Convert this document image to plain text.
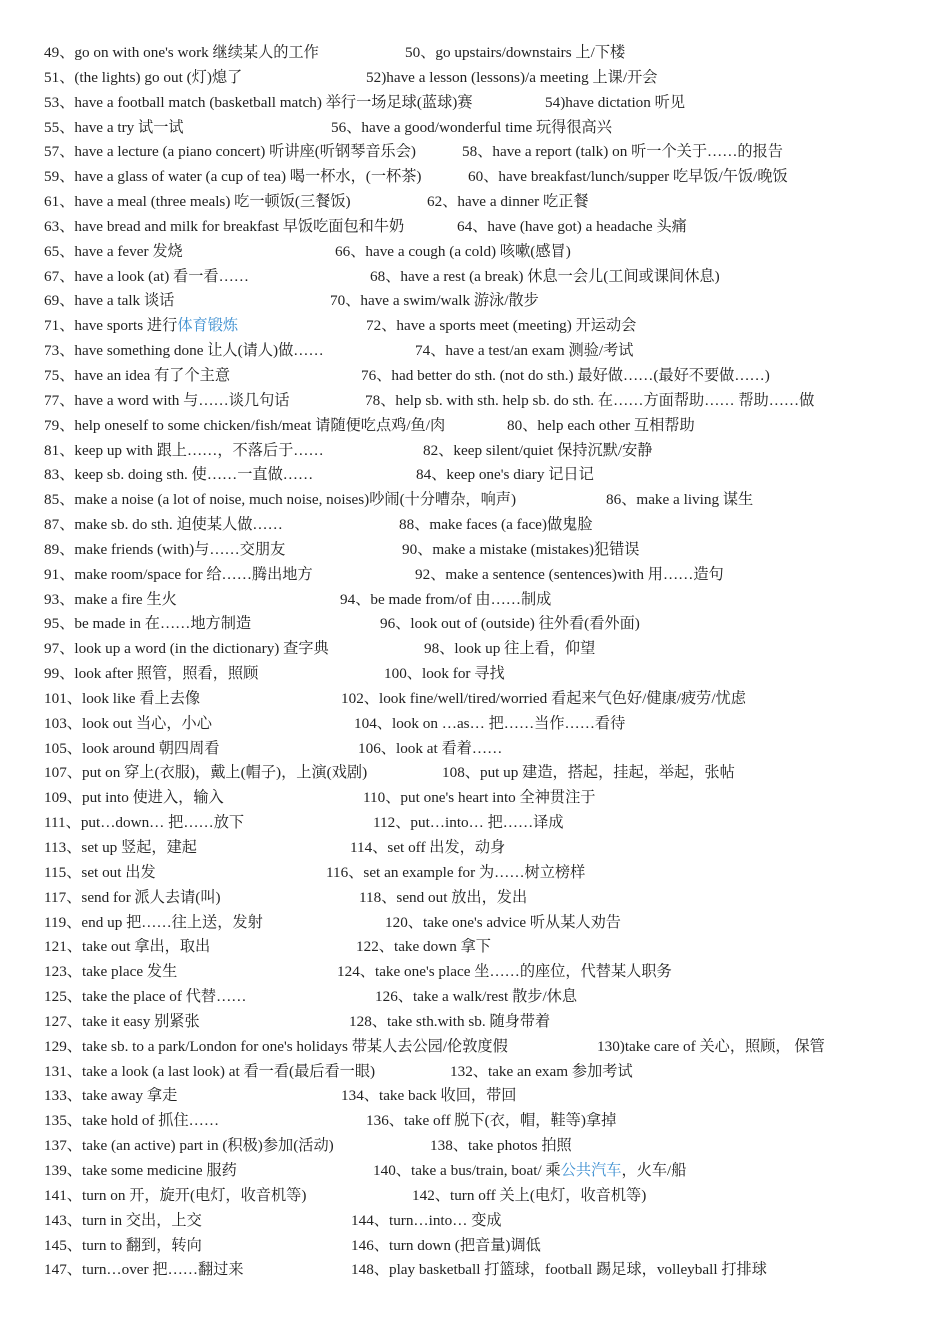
49、go on with one's work 继续某人的工作	50、go upstairs/downstairs 上/下楼
51、(the lights) go out (灯)熄了	52)have a lesson (lessons)/a meeting 上课/开会
53、have a football match (basketball match) 举行一场足球(蓝球)赛	54)have dictation 听见
55、have a try 试一试	56、have a good/wonderful time 玩得很高兴
57、have a lecture (a piano concert) 听讲座(听钢琴音乐会)	58、have a report (talk) on 听一个关于……的报告
59、have a glass of water (a cup of tea) 喝一杯水，(一杯茶)	60、have breakfast/lunch/supper 吃早饭/午饭/晚饭
61、have a meal (three meals) 吃一顿饭(三餐饭)	62、have a dinner 吃正餐
63、have bread and milk for breakfast 早饭吃面包和牛奶	64、have (have got) a headache 头痛
65、have a fever 发烧	66、have a cough (a cold) 咳嗽(感冒)
67、have a look (at) 看一看……	68、have a rest (a break) 休息一会儿(工间或课间休息)
69、have a talk 谈话	70、have a swim/walk 游泳/散步
71、have sports 进行体育锻炼	72、have a sports meet (meeting) 开运动会
73、have something done 让人(请人)做……	74、have a test/an exam 测验/考试
75、have an idea 有了个主意	76、had better do sth. (not do sth.) 最好做……(最好不要做……)
77、have a word with 与……谈几句话	78、help sb. with sth. help sb. do sth. 在……方面帮助…… 帮助……做
79、help oneself to some chicken/fish/meat 请随便吃点鸡/鱼/肉	80、help each other 互相帮助
81、keep up with 跟上……，不落后于……	82、keep silent/quiet 保持沉默/安静
83、keep sb. doing sth. 使……一直做……	84、keep one's diary 记日记
85、make a noise (a lot of noise, much noise, noises)吵闹(十分嘈杂，响声)	86、make a living 谋生
87、make sb. do sth. 迫使某人做……	88、make faces (a face)做鬼脸
89、make friends (with)与……交朋友	90、make a mistake (mistakes)犯错误
91、make room/space for 给……腾出地方	92、make a sentence (sentences)with 用……造句
93、make a fire 生火	94、be made from/of 由……制成
95、be made in 在……地方制造	96、look out of (outside) 往外看(看外面)
97、look up a word (in the dictionary) 查字典	98、look up 往上看，仰望
99、look after 照管，照看，照顾	100、look for 寻找
101、look like 看上去像	102、look fine/well/tired/worried 看起来气色好/健康/疲劳/忧虑
103、look out 当心，小心	104、look on …as… 把……当作……看待
105、look around 朝四周看	106、look at 看着……
107、put on 穿上(衣服)，戴上(帽子)，上演(戏剧)	108、put up 建造，搭起，挂起，举起，张帖
109、put into 使进入，输入	110、put one's heart into 全神贯注于
111、put…down… 把……放下	112、put…into… 把……译成
113、set up 竖起，建起	114、set off 出发，动身
115、set out 出发	116、set an example for 为……树立榜样
117、send for 派人去请(叫)	118、send out 放出，发出
119、end up 把……往上送，发射	120、take one's advice 听从某人劝告
121、take out 拿出，取出	122、take down 拿下
123、take place 发生	124、take one's place 坐……的座位，代替某人职务
125、take the place of 代替……	126、take a walk/rest 散步/休息
127、take it easy 别紧张	128、take sth.with sb. 随身带着
129、take sb. to a park/London for one's holidays 带某人去公园/伦敦度假	130)take care of 关心，照顾， 保管
131、take a look (a last look) at 看一看(最后看一眼)	132、take an exam 参加考试
133、take away 拿走	134、take back 收回，带回
135、take hold of 抓住……	136、take off 脱下(衣，帽，鞋等)拿掉
137、take (an active) part in (积极)参加(活动)	138、take photos 拍照
139、take some medicine 服药	140、take a bus/train, boat/ 乘公共汽车，火车/船
141、turn on 开，旋开(电灯，收音机等)	142、turn off 关上(电灯，收音机等)
143、turn in 交出，上交	144、turn…into… 变成
145、turn to 翻到，转向	146、turn down (把音量)调低
147、turn…over 把……翻过来	148、play basketball 打篮球，football 踢足球，volleyball 打排球
